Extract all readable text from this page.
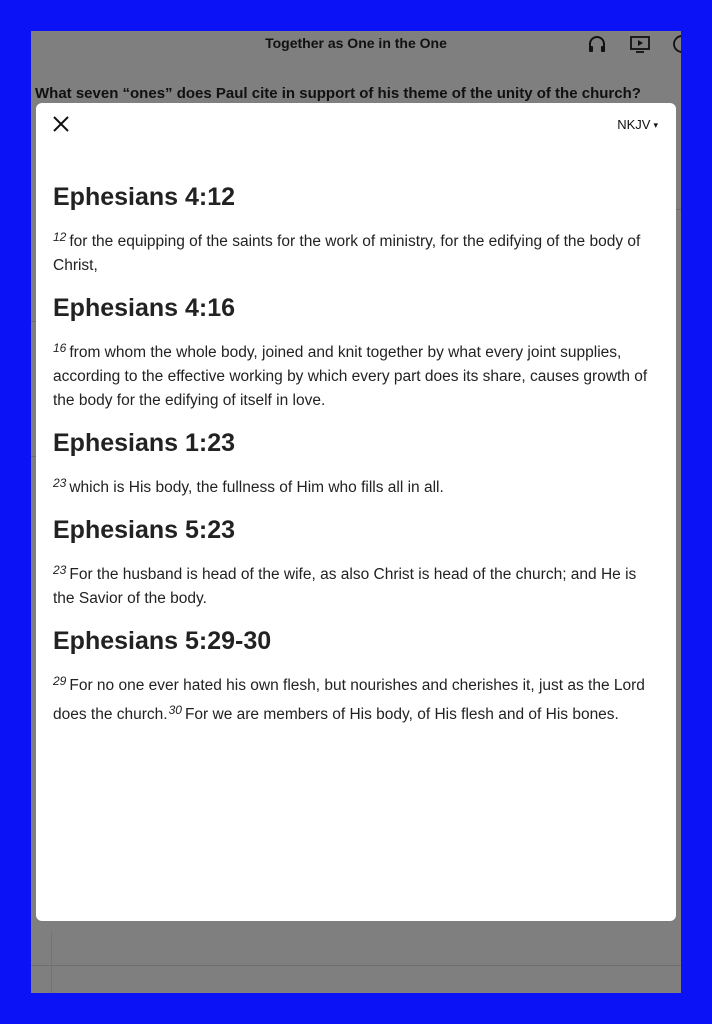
Together as One in the One
What seven “ones” does Paul cite in support of his theme of the unity of the church?
NKJV ▾
Ephesians 4:12

$^{12}$ for the equipping of the saints for the work of ministry, for the edifying of the body of Christ,

Ephesians 4:16

$^{16}$ from whom the whole body, joined and knit together by what every joint supplies, according to the effective working by which every part does its share, causes growth of the body for the edifying of itself in love.

Ephesians 1:23

$^{23}$ which is His body, the fullness of Him who fills all in all.

Ephesians 5:23

$^{23}$ For the husband is head of the wife, as also Christ is head of the church; and He is the Savior of the body.

Ephesians 5:29-30

$^{29}$ For no one ever hated his own flesh, but nourishes and cherishes it, just as the Lord does the church.$^{30}$ For we are members of His body, of His flesh and of His bones.
